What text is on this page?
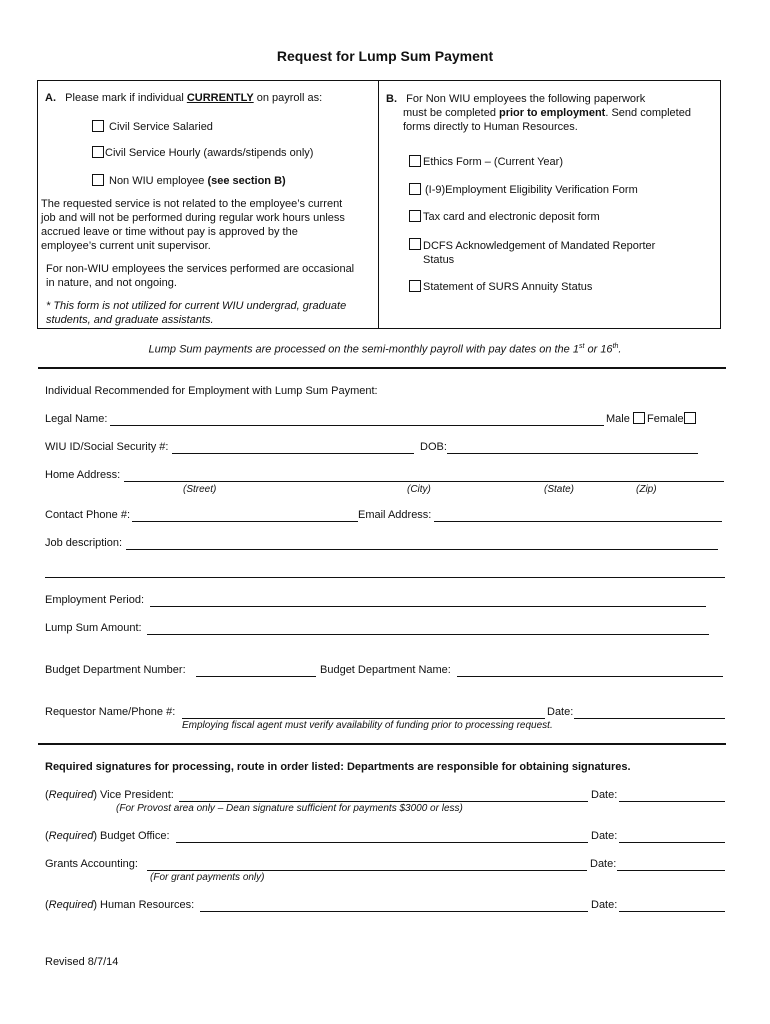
Request for Lump Sum Payment
A. Please mark if individual CURRENTLY on payroll as:
Civil Service Salaried
Civil Service Hourly (awards/stipends only)
Non WIU employee (see section B)
The requested service is not related to the employee’s current
job and will not be performed during regular work hours unless
accrued leave or time without pay is approved by the
employee’s current unit supervisor.
For non-WIU employees the services performed are occasional
in nature, and not ongoing.
* This form is not utilized for current WIU undergrad, graduate
students, and graduate assistants.
B. For Non WIU employees the following paperwork
must be completed prior to employment. Send completed
forms directly to Human Resources.
Ethics Form – (Current Year)
(I-9)Employment Eligibility Verification Form
Tax card and electronic deposit form
DCFS Acknowledgement of Mandated Reporter
Status
Statement of SURS Annuity Status
Lump Sum payments are processed on the semi-monthly payroll with pay dates on the 1st or 16th.
Individual Recommended for Employment with Lump Sum Payment:
Legal Name:	Male Female
WIU ID/Social Security #:	DOB:
Home Address:
(Street)	(City)	(State)	(Zip)
Contact Phone #:	Email Address:
Job description:
Employment Period:
Lump Sum Amount:
Budget Department Number:	Budget Department Name:
Requestor Name/Phone #:	Date:
Employing fiscal agent must verify availability of funding prior to processing request.
Required signatures for processing, route in order listed: Departments are responsible for obtaining signatures.
(Required) Vice President:	Date:
(For Provost area only – Dean signature sufficient for payments $3000 or less)
(Required) Budget Office:	Date:
Grants Accounting:	Date:
(For grant payments only)
(Required) Human Resources:	Date:
Revised 8/7/14
